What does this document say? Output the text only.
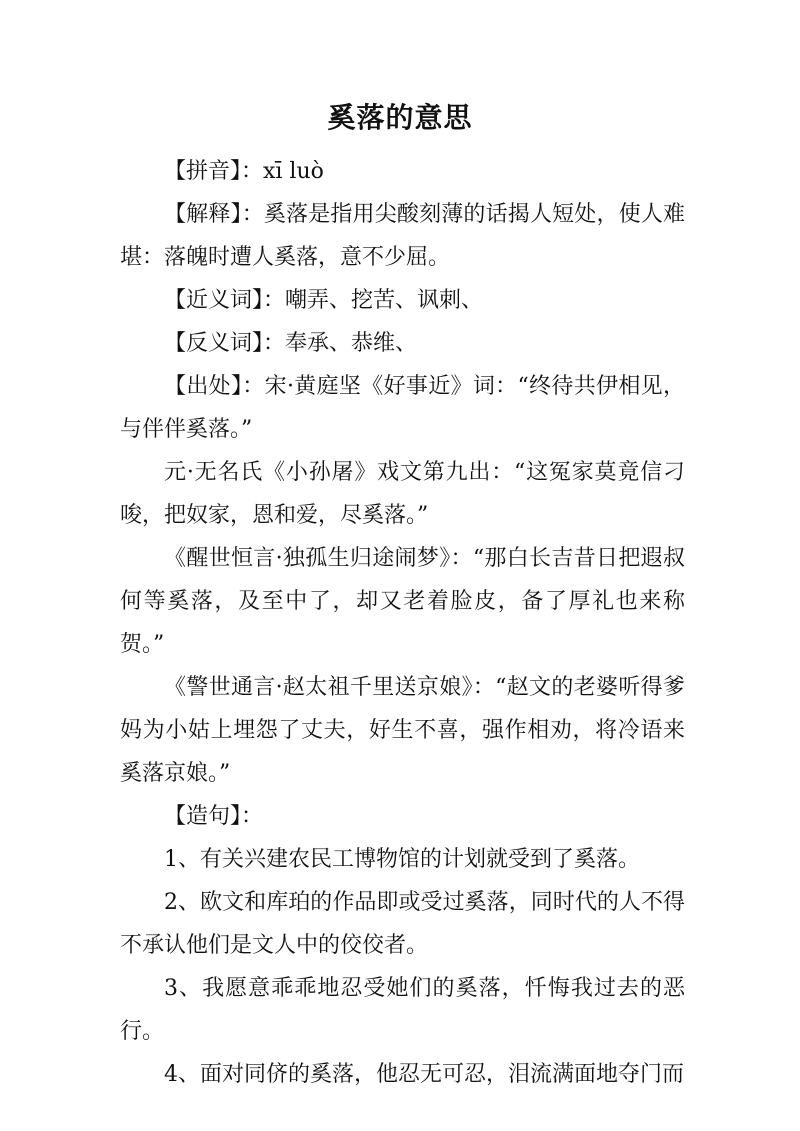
奚落的意思

【拼音】：xī luò

【解释】：奚落是指用尖酸刻薄的话揭人短处，使人难堪：落魄时遭人奚落，意不少屈。

【近义词】：嘲弄、挖苦、讽刺、

【反义词】：奉承、恭维、

【出处】：宋·黄庭坚《好事近》词：“终待共伊相见，与伴伴奚落。”

元·无名氏《小孙屠》戏文第九出：“这冤家莫竟信刁唆，把奴家，恩和爱，尽奚落。”

《醒世恒言·独孤生归途闹梦》：“那白长吉昔日把遐叔何等奚落，及至中了，却又老着脸皮，备了厚礼也来称贺。”

《警世通言·赵太祖千里送京娘》：“赵文的老婆听得爹妈为小姑上埋怨了丈夫，好生不喜，强作相劝，将冷语来奚落京娘。”

【造句】：

1、有关兴建农民工博物馆的计划就受到了奚落。

2、欧文和库珀的作品即或受过奚落，同时代的人不得不承认他们是文人中的佼佼者。

3、我愿意乖乖地忍受她们的奚落，忏悔我过去的恶行。

4、面对同侪的奚落，他忍无可忍，泪流满面地夺门而
